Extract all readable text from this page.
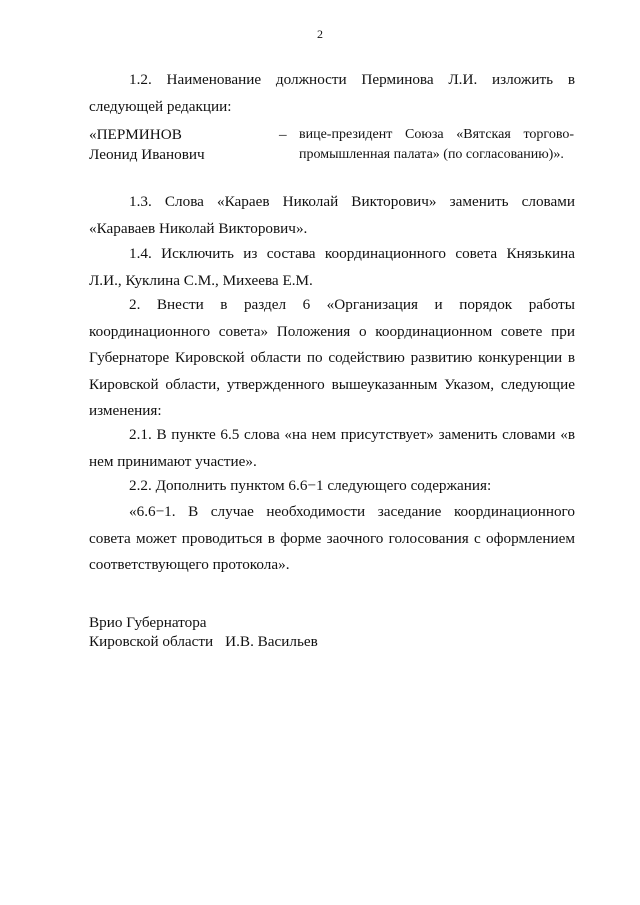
2

1.2. Наименование должности Перминова Л.И. изложить в следующей редакции:

«ПЕРМИНОВ
Леонид Иванович
– вице-президент Союза «Вятская торгово-промышленная палата» (по согласованию)».

1.3. Слова «Караев Николай Викторович» заменить словами «Караваев Николай Викторович».

1.4. Исключить из состава координационного совета Князькина Л.И., Куклина С.М., Михеева Е.М.

2. Внести в раздел 6 «Организация и порядок работы координационного совета» Положения о координационном совете при Губернаторе Кировской области по содействию развитию конкуренции в Кировской области, утвержденного вышеуказанным Указом, следующие изменения:

2.1. В пункте 6.5 слова «на нем присутствует» заменить словами «в нем принимают участие».

2.2. Дополнить пунктом 6.6−1 следующего содержания:

«6.6−1. В случае необходимости заседание координационного совета может проводиться в форме заочного голосования с оформлением соответствующего протокола».

Врио Губернатора
Кировской области И.В. Васильев
